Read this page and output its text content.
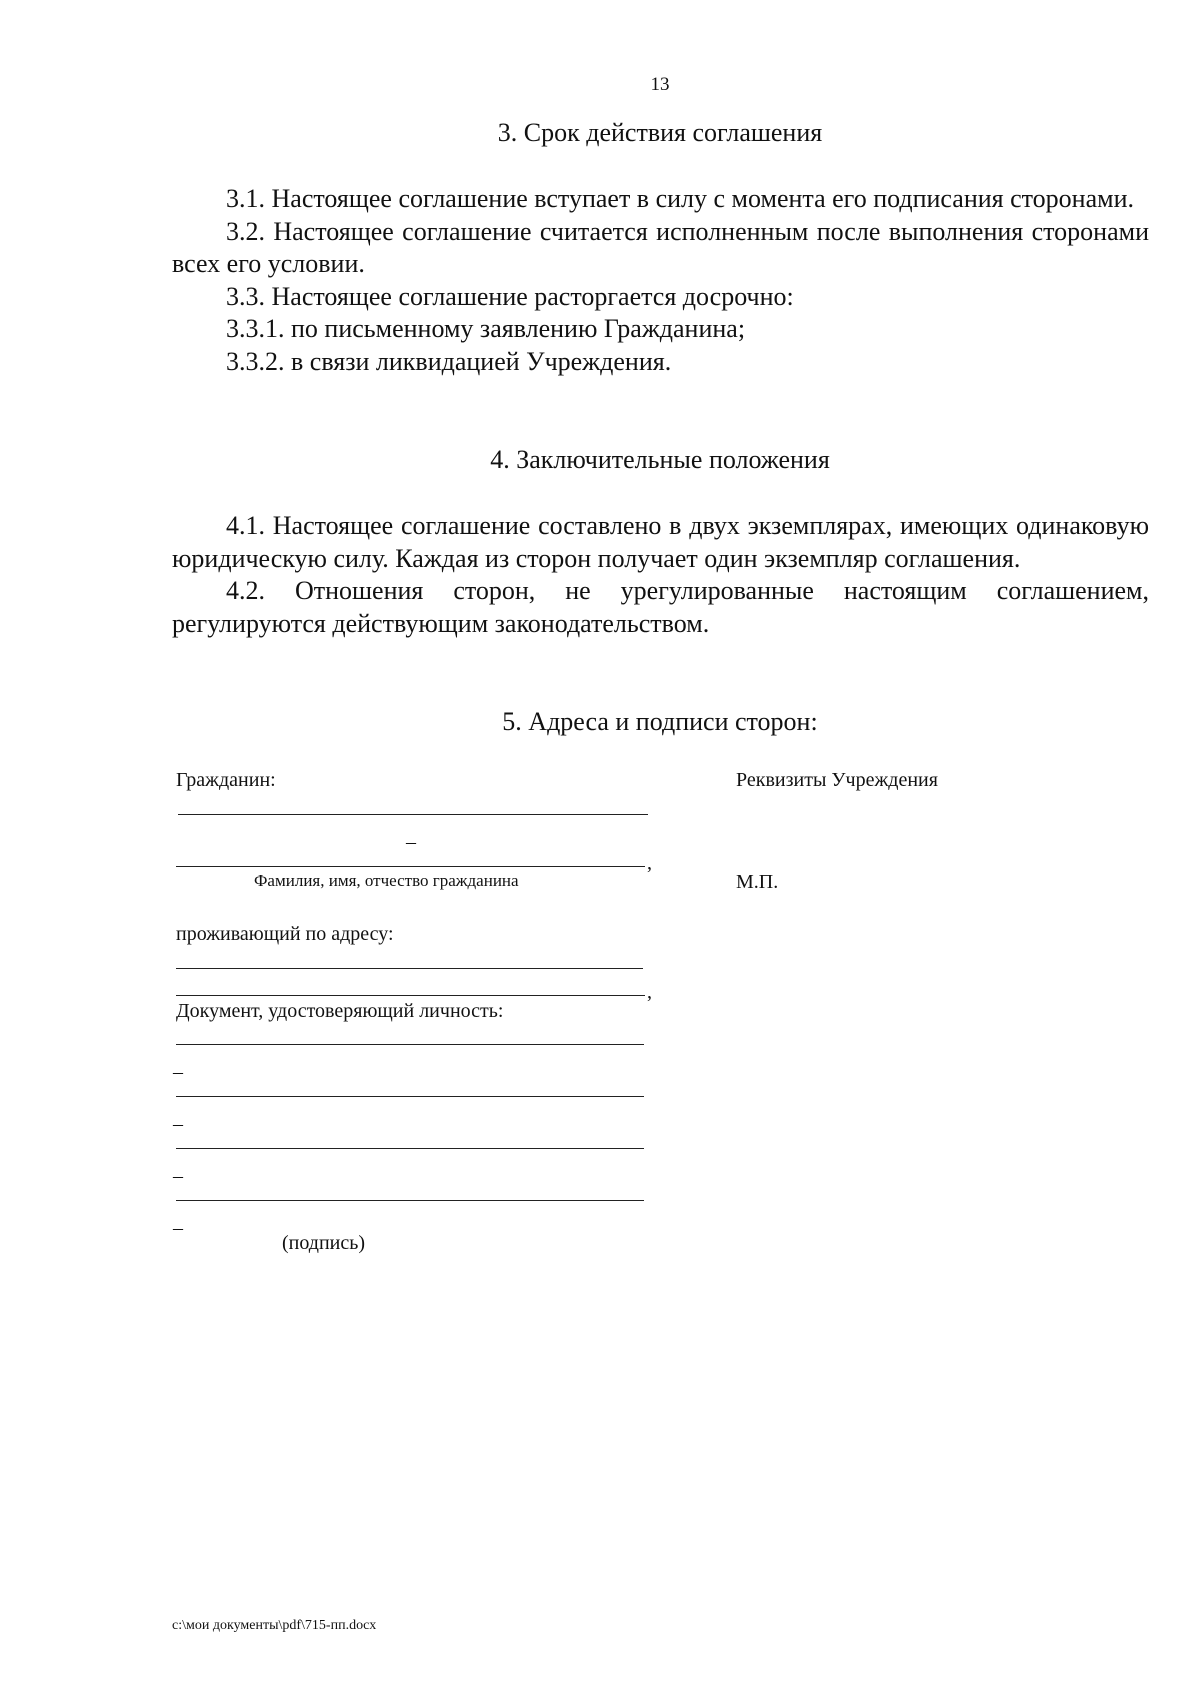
13
3. Срок действия соглашения

3.1. Настоящее соглашение вступает в силу с момента его подписания сторонами.

3.2. Настоящее соглашение считается исполненным после выполнения сторонами всех его условии.

3.3. Настоящее соглашение расторгается досрочно:

3.3.1. по письменному заявлению Гражданина;

3.3.2. в связи ликвидацией Учреждения.

4. Заключительные положения

4.1. Настоящее соглашение составлено в двух экземплярах, имеющих одинаковую юридическую силу. Каждая из сторон получает один экземпляр соглашения.

4.2. Отношения сторон, не урегулированные настоящим соглашением, регулируются действующим законодательством.

5. Адреса и подписи сторон:
Гражданин:
–
,
Фамилия, имя, отчество гражданина
проживающий по адресу:
,
Документ, удостоверяющий личность:
–
–
–
–
(подпись)
Реквизиты Учреждения
М.П.
c:\мои документы\pdf\715-пп.docx
